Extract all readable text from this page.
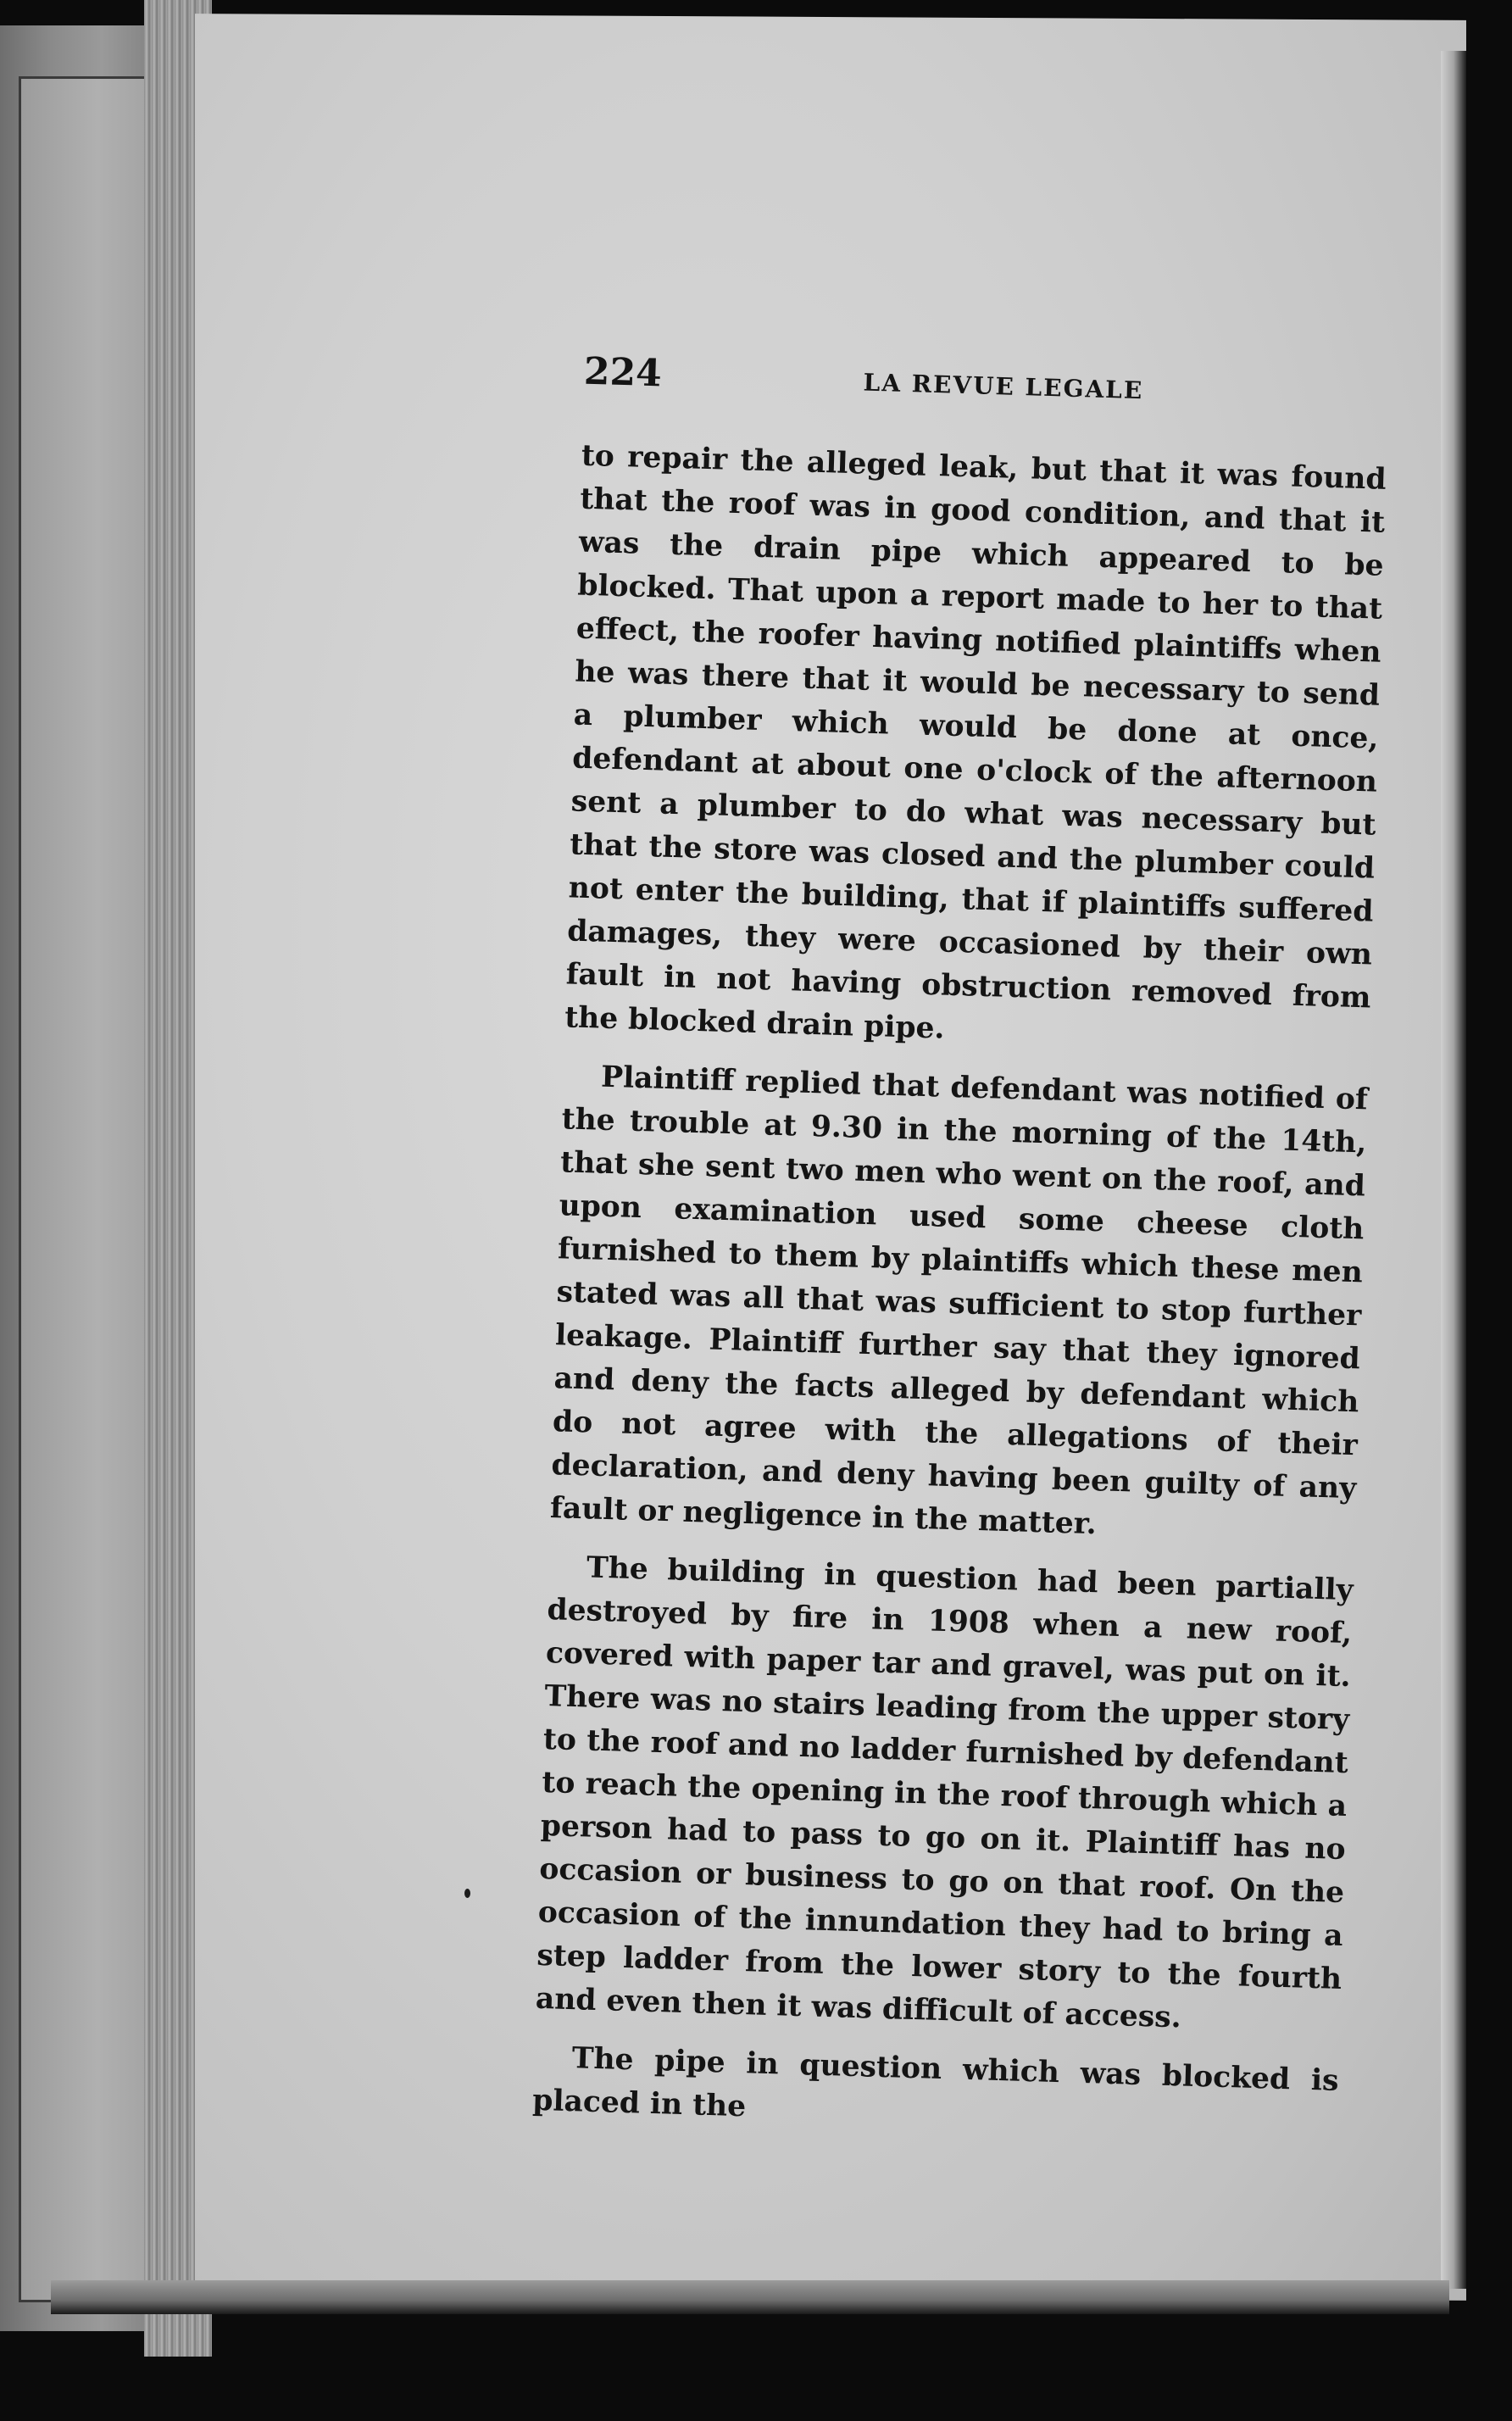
224	LA REVUE LEGALE

to repair the alleged leak, but that it was found that the roof was in good condition, and that it was the drain pipe which appeared to be blocked. That upon a report made to her to that effect, the roofer having notified plaintiffs when he was there that it would be necessary to send a plumber which would be done at once, defendant at about one o'clock of the afternoon sent a plumber to do what was necessary but that the store was closed and the plumber could not enter the building, that if plaintiffs suffered damages, they were occasioned by their own fault in not having obstruction removed from the blocked drain pipe.

Plaintiff replied that defendant was notified of the trouble at 9.30 in the morning of the 14th, that she sent two men who went on the roof, and upon examination used some cheese cloth furnished to them by plaintiffs which these men stated was all that was sufficient to stop further leakage. Plaintiff further say that they ignored and deny the facts alleged by defendant which do not agree with the allegations of their declaration, and deny having been guilty of any fault or negligence in the matter.

The building in question had been partially destroyed by fire in 1908 when a new roof, covered with paper tar and gravel, was put on it. There was no stairs leading from the upper story to the roof and no ladder furnished by defendant to reach the opening in the roof through which a person had to pass to go on it. Plaintiff has no occasion or business to go on that roof. On the occasion of the innundation they had to bring a step ladder from the lower story to the fourth and even then it was difficult of access.

The pipe in question which was blocked is placed in the
